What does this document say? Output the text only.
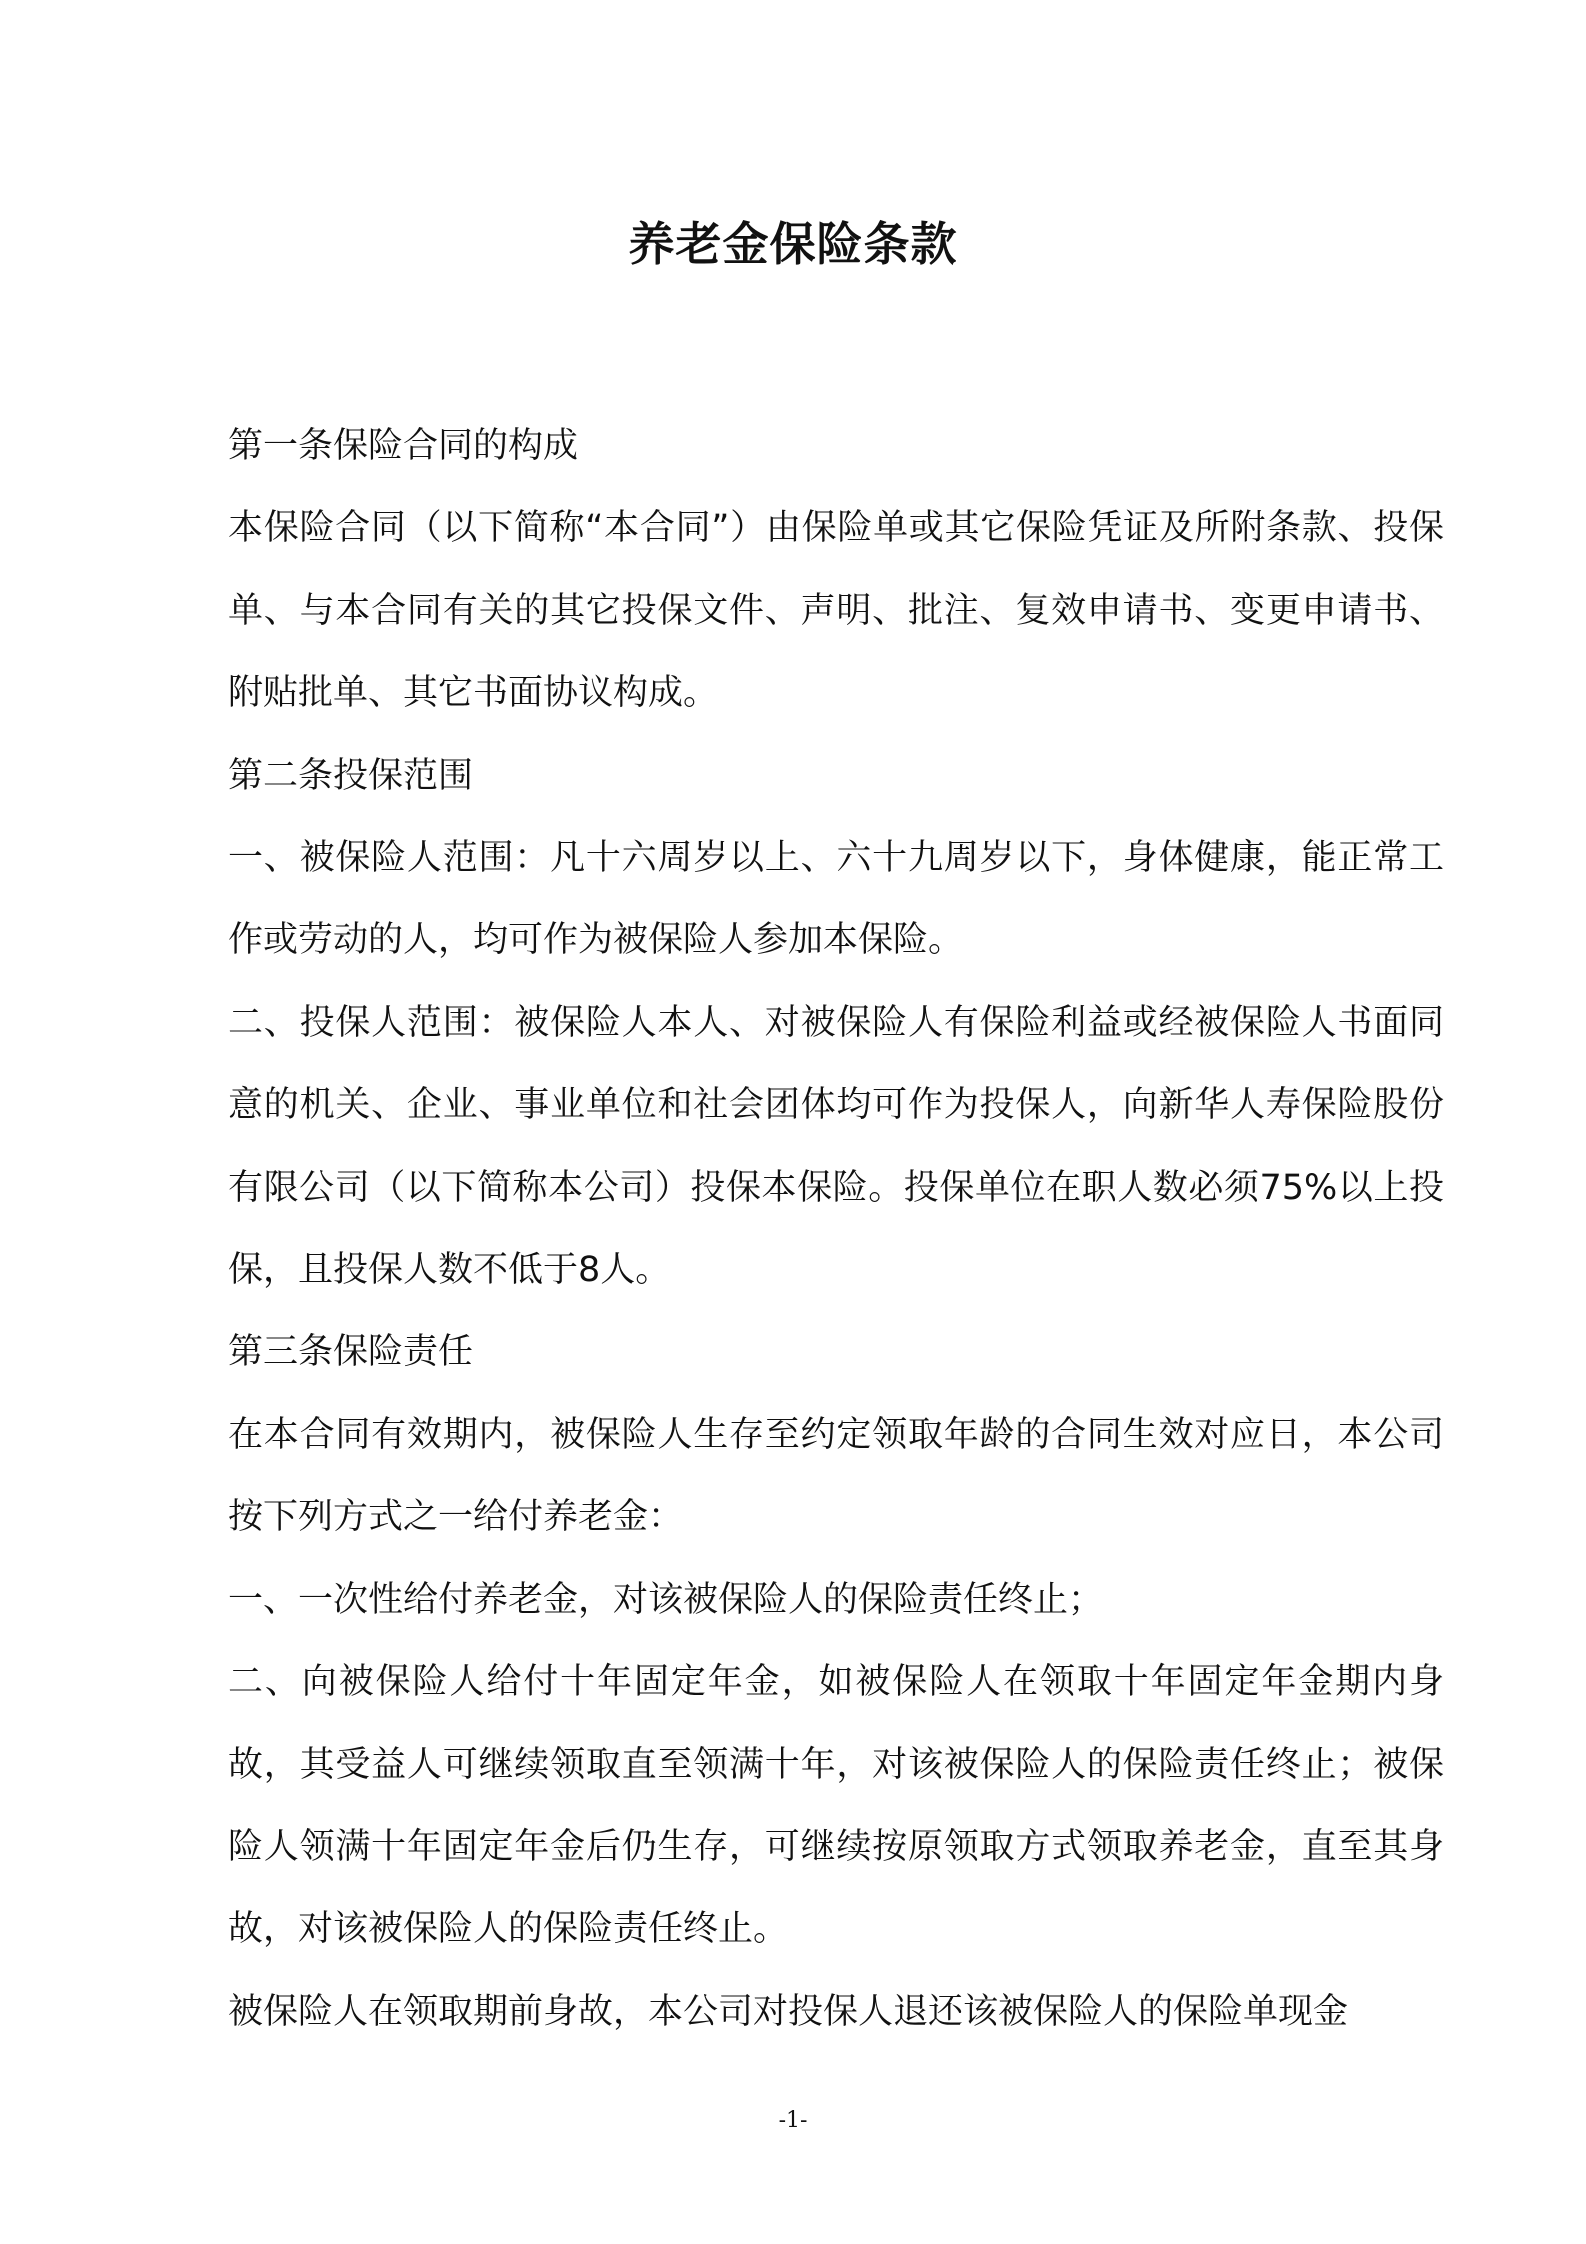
养老金保险条款

第一条保险合同的构成

本保险合同（以下简称“本合同”）由保险单或其它保险凭证及所附条款、投保单、与本合同有关的其它投保文件、声明、批注、复效申请书、变更申请书、附贴批单、其它书面协议构成。

第二条投保范围

一、被保险人范围：凡十六周岁以上、六十九周岁以下，身体健康，能正常工作或劳动的人，均可作为被保险人参加本保险。

二、投保人范围：被保险人本人、对被保险人有保险利益或经被保险人书面同意的机关、企业、事业单位和社会团体均可作为投保人，向新华人寿保险股份有限公司（以下简称本公司）投保本保险。投保单位在职人数必须75%以上投保，且投保人数不低于8人。

第三条保险责任

在本合同有效期内，被保险人生存至约定领取年龄的合同生效对应日，本公司按下列方式之一给付养老金：

一、一次性给付养老金，对该被保险人的保险责任终止；

二、向被保险人给付十年固定年金，如被保险人在领取十年固定年金期内身故，其受益人可继续领取直至领满十年，对该被保险人的保险责任终止；被保险人领满十年固定年金后仍生存，可继续按原领取方式领取养老金，直至其身故，对该被保险人的保险责任终止。

被保险人在领取期前身故，本公司对投保人退还该被保险人的保险单现金

-1-
